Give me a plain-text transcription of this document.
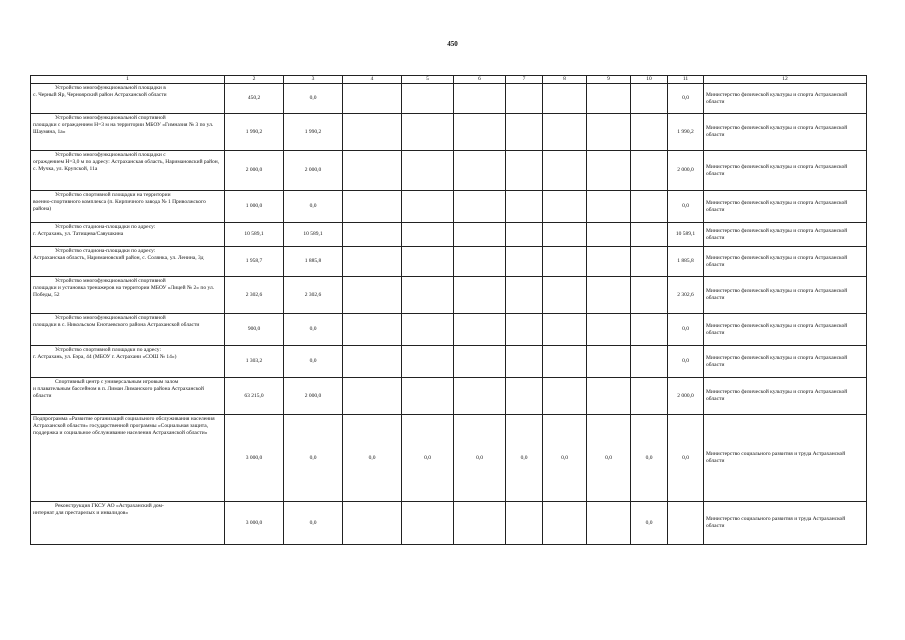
450
1	2	3	4	5	6	7	8	9	10	11	12

Устройство многофункциональной площадки в
с. Черный Яр, Черноярский район Астраханской области	450,2	0,0								0,0	Министерство физической культуры и спорта Астраханской области

Устройство многофункциональной спортивной
площадки с ограждением Н=3 м на территории МБОУ «Гимназия № 3 по ул. Шаумяна, 1а»	1 990,2	1 990,2								1 990,2	Министерство физической культуры и спорта Астраханской области

Устройство многофункциональной площадки с
ограждением Н=3,0 м по адресу: Астраханская область, Наримановский район, с. Мучка, ул. Крупской, 11а	2 000,0	2 000,0								2 000,0	Министерство физической культуры и спорта Астраханской области

Устройство спортивной площадки на территории
военно-спортивного комплекса (п. Кирпичного завода № 1 Приволжского района)	1 000,0	0,0								0,0	Министерство физической культуры и спорта Астраханской области

Устройство стадиона-площадки по адресу:
г. Астрахань, ул. Татищева/Савушкина	10 589,1	10 589,1								10 589,1	Министерство физической культуры и спорта Астраханской области

Устройство стадиона-площадки по адресу:
Астраханская область, Наримановский район, с. Солянка, ул. Ленина, 3д	1 958,7	1 885,8								1 885,8	Министерство физической культуры и спорта Астраханской области

Устройство многофункциональной спортивной
площадки и установка тренажеров на территории МБОУ «Лицей № 2» по ул. Победы, 52	2 302,6	2 302,6								2 302,6	Министерство физической культуры и спорта Астраханской области

Устройство многофункциональной спортивной
площадки в с. Никольском Енотаевского района Астраханской области	900,0	0,0								0,0	Министерство физической культуры и спорта Астраханской области

Устройство спортивной площадки по адресу:
г. Астрахань, ул. Бэра, 44 (МБОУ г. Астрахани «СОШ № 14»)	1 303,2	0,0								0,0	Министерство физической культуры и спорта Астраханской области

Спортивный центр с универсальным игровым залом
и плавательным бассейном в п. Лиман Лиманского района Астраханской области	63 215,0	2 000,0								2 000,0	Министерство физической культуры и спорта Астраханской области

Подпрограмма «Развитие организаций социального обслуживания населения Астраханской области» государственной программы «Социальная защита, поддержка и социальное обслуживание населения Астраханской области»	3 000,0	0,0	0,0	0,0	0,0	0,0	0,0	0,0	0,0	0,0	Министерство социального развития и труда Астраханской области

Реконструкция ГКСУ АО «Астраханский дом-
интернат для престарелых и инвалидов»	3 000,0	0,0							0,0		Министерство социального развития и труда Астраханской области
